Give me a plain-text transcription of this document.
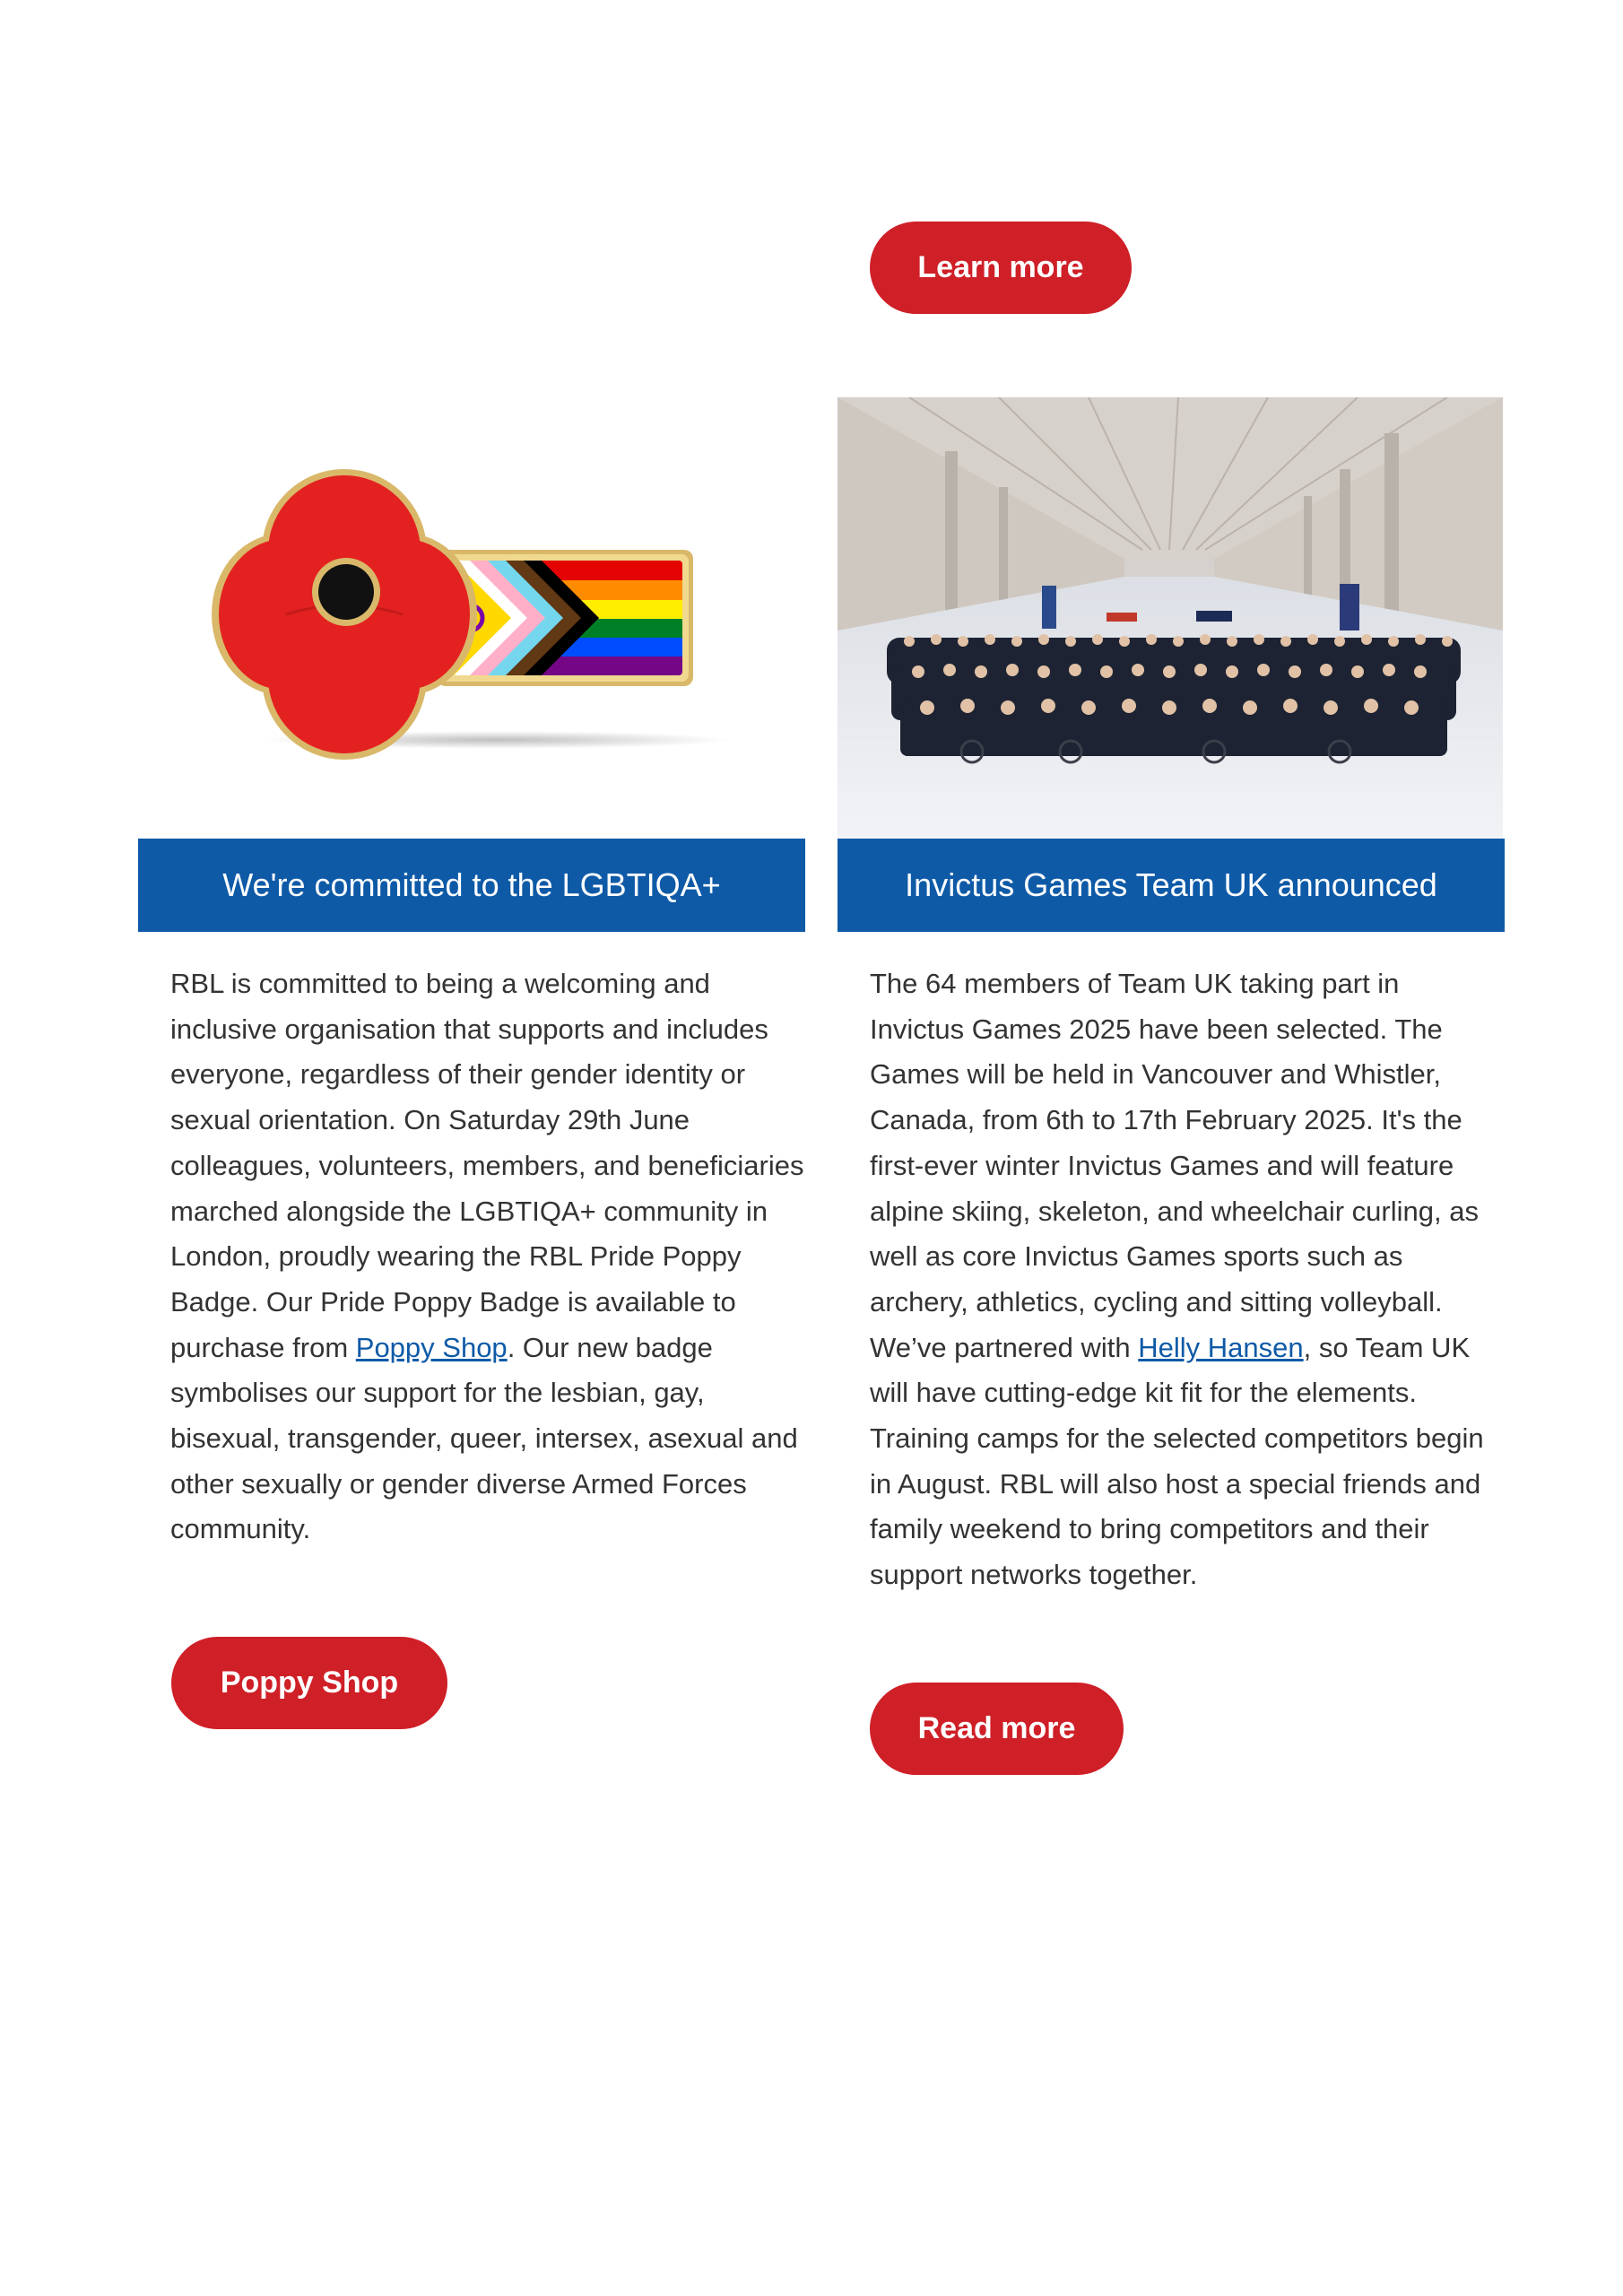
Learn more
We're committed to the LGBTIQA+	Invictus Games Team UK announced
RBL is committed to being a welcoming and inclusive organisation that supports and includes everyone, regardless of their gender identity or sexual orientation. On Saturday 29th June colleagues, volunteers, members, and beneficiaries marched alongside the LGBTIQA+ community in London, proudly wearing the RBL Pride Poppy Badge. Our Pride Poppy Badge is available to purchase from Poppy Shop. Our new badge symbolises our support for the lesbian, gay, bisexual, transgender, queer, intersex, asexual and other sexually or gender diverse Armed Forces community.
The 64 members of Team UK taking part in Invictus Games 2025 have been selected. The Games will be held in Vancouver and Whistler, Canada, from 6th to 17th February 2025. It's the first-ever winter Invictus Games and will feature alpine skiing, skeleton, and wheelchair curling, as well as core Invictus Games sports such as archery, athletics, cycling and sitting volleyball. We’ve partnered with Helly Hansen, so Team UK will have cutting-edge kit fit for the elements. Training camps for the selected competitors begin in August. RBL will also host a special friends and family weekend to bring competitors and their support networks together.
Poppy Shop
Read more
